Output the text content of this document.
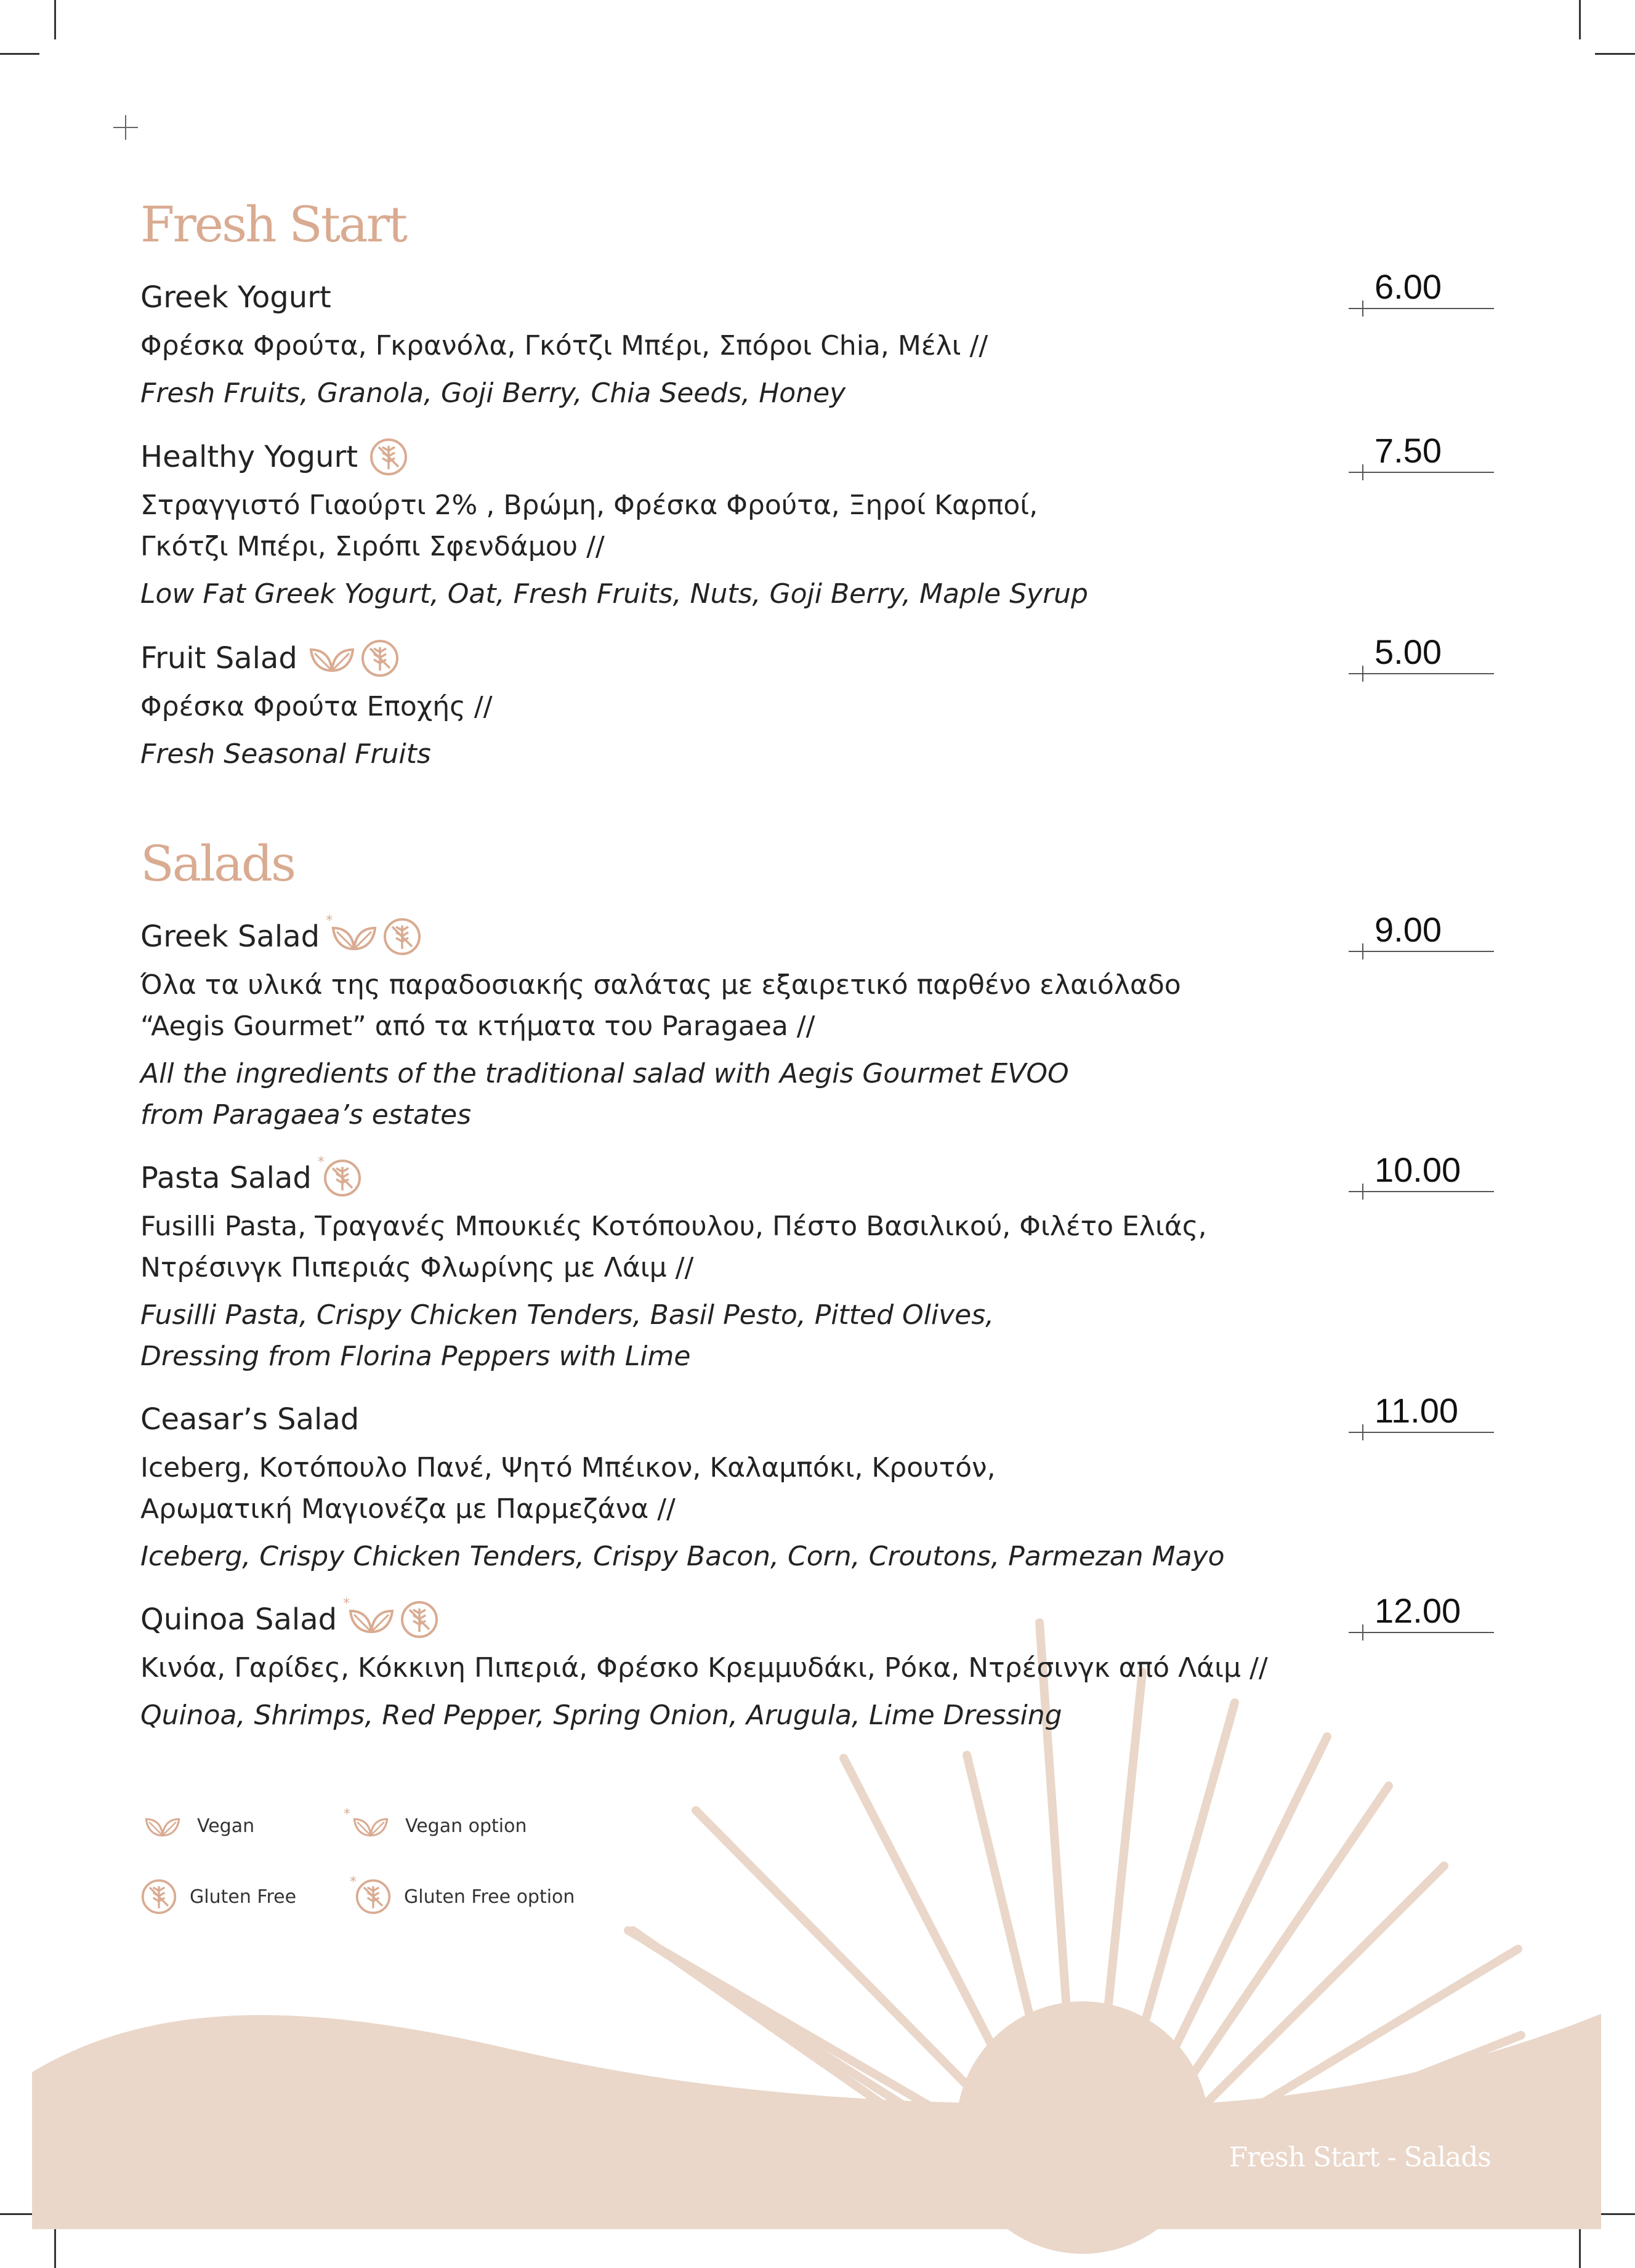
Fresh Start
Greek Yogurt
Φρέσκα Φρούτα, Γκρανόλα, Γκότζι Μπέρι, Σπόροι Chia, Μέλι //
Fresh Fruits, Granola, Goji Berry, Chia Seeds, Honey
6.00
Healthy Yogurt
Στραγγιστό Γιαούρτι 2% , Βρώμη, Φρέσκα Φρούτα, Ξηροί Καρποί,
Γκότζι Μπέρι, Σιρόπι Σφενδάμου //
Low Fat Greek Yogurt, Oat, Fresh Fruits, Nuts, Goji Berry, Maple Syrup
7.50
Fruit Salad
Φρέσκα Φρούτα Εποχής //
Fresh Seasonal Fruits
5.00
Salads
Greek Salad *
Όλα τα υλικά της παραδοσιακής σαλάτας με εξαιρετικό παρθένο ελαιόλαδο
“Aegis Gourmet” από τα κτήματα του Paragaea //
All the ingredients of the traditional salad with Aegis Gourmet EVOO
from Paragaea’s estates
9.00
Pasta Salad *
Fusilli Pasta, Τραγανές Μπουκιές Κοτόπουλου, Πέστο Βασιλικού, Φιλέτο Ελιάς,
Ντρέσινγκ Πιπεριάς Φλωρίνης με Λάιμ //
Fusilli Pasta, Crispy Chicken Tenders, Basil Pesto, Pitted Olives,
Dressing from Florina Peppers with Lime
10.00
Ceasar’s Salad
Iceberg, Κοτόπουλο Πανέ, Ψητό Μπέικον, Καλαμπόκι, Κρουτόν,
Αρωματική Μαγιονέζα με Παρμεζάνα //
Iceberg, Crispy Chicken Tenders, Crispy Bacon, Corn, Croutons, Parmezan Mayo
11.00
Quinoa Salad *
Κινόα, Γαρίδες, Κόκκινη Πιπεριά, Φρέσκο Κρεμμυδάκι, Ρόκα, Ντρέσινγκ από Λάιμ //
Quinoa, Shrimps, Red Pepper, Spring Onion, Arugula, Lime Dressing
12.00
Vegan
*
Vegan option
Gluten Free
*
Gluten Free option
Fresh Start - Salads
